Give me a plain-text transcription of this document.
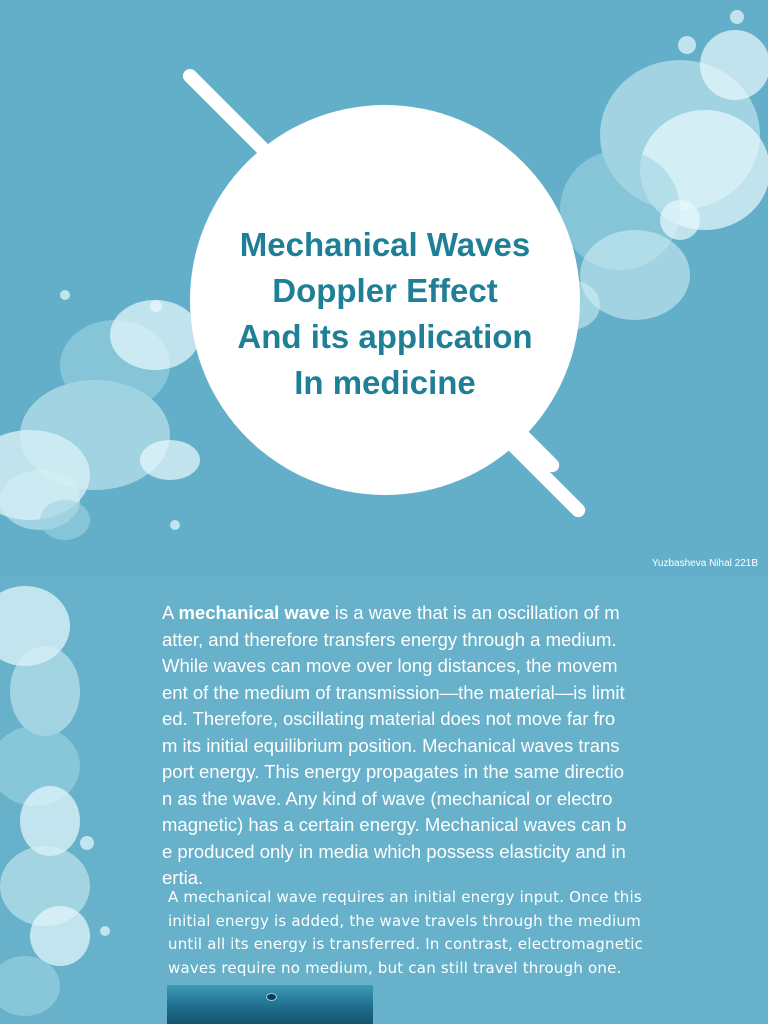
Mechanical Waves
Doppler Effect
And its application
In medicine
Yuzbasheva Nihal 221B
A mechanical wave is a wave that is an oscillation of m
atter, and therefore transfers energy through a medium.
While waves can move over long distances, the movem
ent of the medium of transmission—the material—is limit
ed. Therefore, oscillating material does not move far fro
m its initial equilibrium position. Mechanical waves trans
port energy. This energy propagates in the same directio
n as the wave. Any kind of wave (mechanical or electro
magnetic) has a certain energy. Mechanical waves can b
e produced only in media which possess elasticity and in
ertia.
A mechanical wave requires an initial energy input. Once this
initial energy is added, the wave travels through the medium
until all its energy is transferred. In contrast, electromagnetic
waves require no medium, but can still travel through one.
